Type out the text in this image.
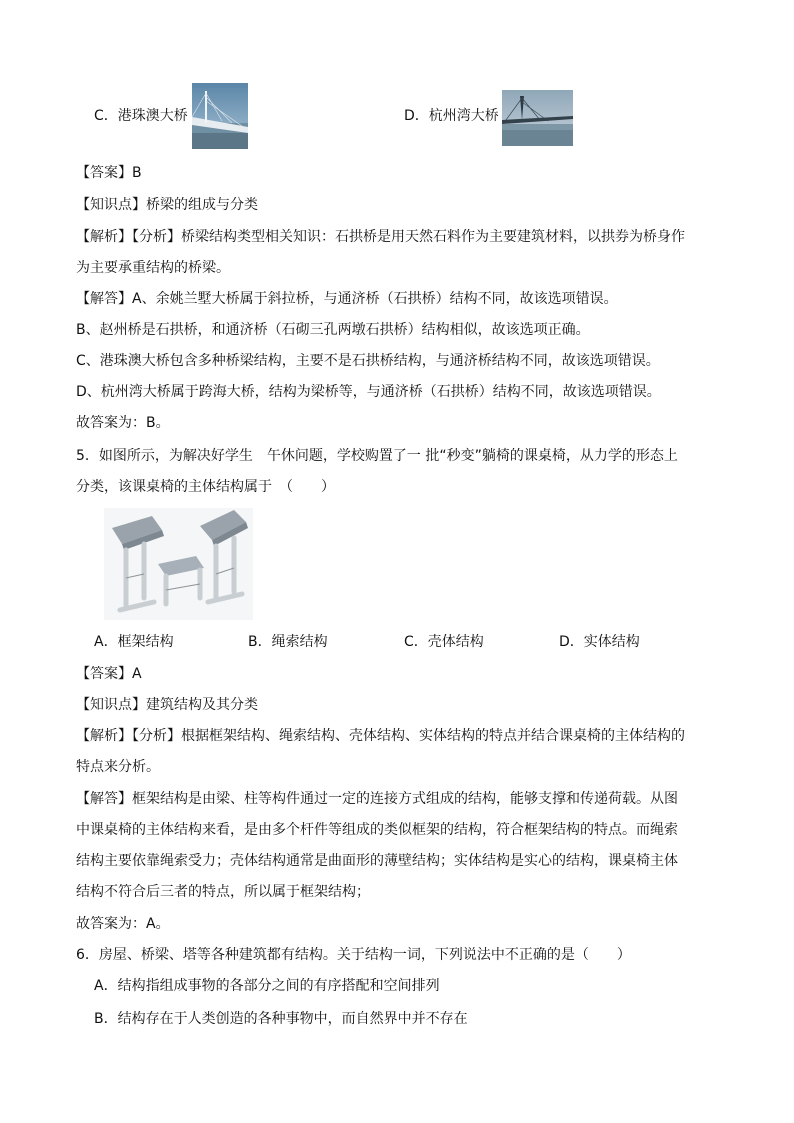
C．港珠澳大桥	D．杭州湾大桥
【答案】B
【知识点】桥梁的组成与分类
【解析】【分析】桥梁结构类型相关知识：石拱桥是用天然石料作为主要建筑材料，以拱券为桥身作
为主要承重结构的桥梁。
【解答】A、余姚兰墅大桥属于斜拉桥，与通济桥（石拱桥）结构不同，故该选项错误。
B、赵州桥是石拱桥，和通济桥（石砌三孔两墩石拱桥）结构相似，故该选项正确。
C、港珠澳大桥包含多种桥梁结构，主要不是石拱桥结构，与通济桥结构不同，故该选项错误。
D、杭州湾大桥属于跨海大桥，结构为梁桥等，与通济桥（石拱桥）结构不同，故该选项错误。
故答案为：B。
5．如图所示，为解决好学生　午休问题，学校购置了一 批“秒变”躺椅的课桌椅，从力学的形态上
分类，该课桌椅的主体结构属于　（　　）
A．框架结构	B．绳索结构	C．壳体结构	D．实体结构
【答案】A
【知识点】建筑结构及其分类
【解析】【分析】根据框架结构、绳索结构、壳体结构、实体结构的特点并结合课桌椅的主体结构的
特点来分析。
【解答】框架结构是由梁、柱等构件通过一定的连接方式组成的结构，能够支撑和传递荷载。从图
中课桌椅的主体结构来看，是由多个杆件等组成的类似框架的结构，符合框架结构的特点。而绳索
结构主要依靠绳索受力；壳体结构通常是曲面形的薄壁结构；实体结构是实心的结构，课桌椅主体
结构不符合后三者的特点，所以属于框架结构；
故答案为：A。
6．房屋、桥梁、塔等各种建筑都有结构。关于结构一词，下列说法中不正确的是（　　）
A．结构指组成事物的各部分之间的有序搭配和空间排列
B．结构存在于人类创造的各种事物中，而自然界中并不存在
